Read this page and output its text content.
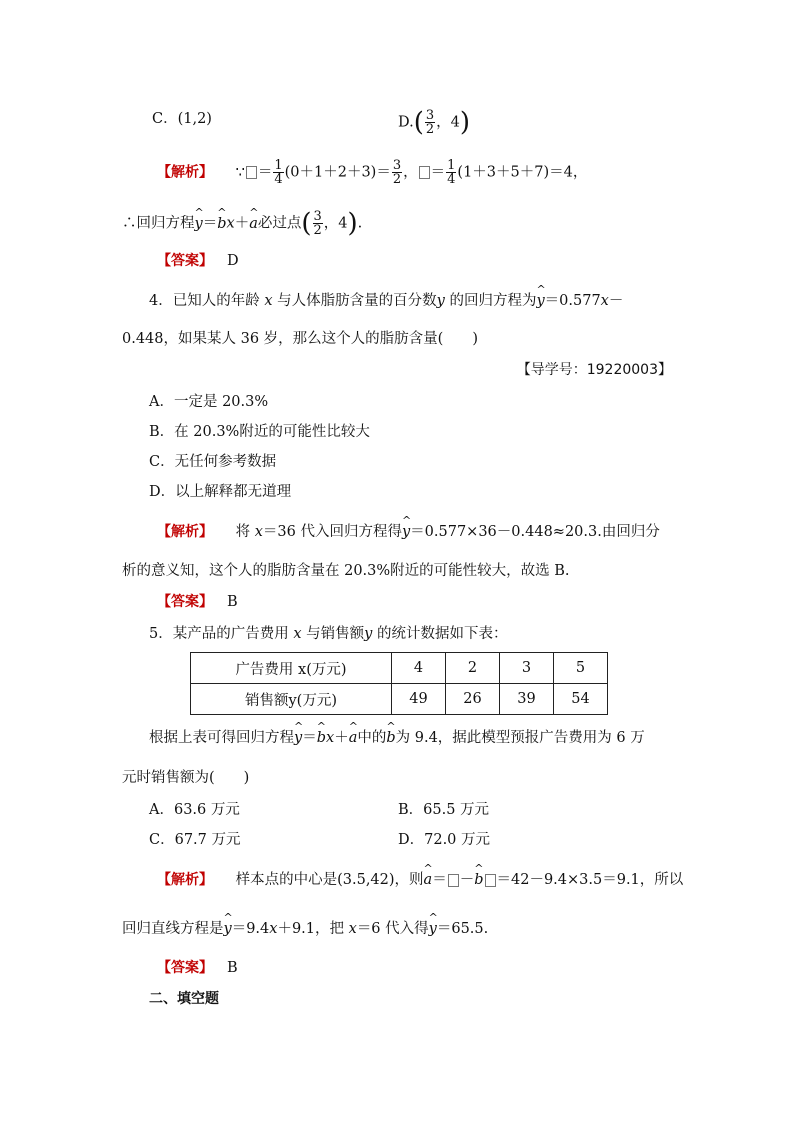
C．(1,2)	$D.( \frac{3}{2}$ ，4)
【解析】 ∵ ＝ $\frac{1}{4} (0+1+2+3)= \frac{3}{2}$ ， ＝ $\frac{1}{4} (1+3+5+7)=4$，
∴回归方程^ y＝^ bx＋^ a必过点( $\frac{3}{2}$ ，4).
【答案】 D
4．已知人的年龄 x 与人体脂肪含量的百分数y 的回归方程为^ y＝0.577x－
0.448，如果某人 36 岁，那么这个人的脂肪含量(　　)
【导学号：19220003】
A．一定是 20.3%
B．在 20.3%附近的可能性比较大
C．无任何参考数据
D．以上解释都无道理
【解析】 将 x＝36 代入回归方程得^ y＝0.577×36－0.448≈20.3.由回归分
析的意义知，这个人的脂肪含量在 20.3%附近的可能性较大，故选 B.
【答案】 B
5．某产品的广告费用 x 与销售额y 的统计数据如下表：
广告费用 x(万元)	4	2	3	5
销售额y(万元)	49	26	39	54
根据上表可得回归方程^ y＝^ bx＋^ a中的^ b为 9.4，据此模型预报广告费用为 6 万
元时销售额为(　　)
A．63.6 万元	B．65.5 万元
C．67.7 万元	D．72.0 万元
【解析】 样本点的中心是(3.5,42)，则^ a＝ －^ b ＝42－9.4×3.5＝9.1，所以
回归直线方程是^ y＝9.4x＋9.1，把 x＝6 代入得^ y＝65.5.
【答案】 B
二、填空题
